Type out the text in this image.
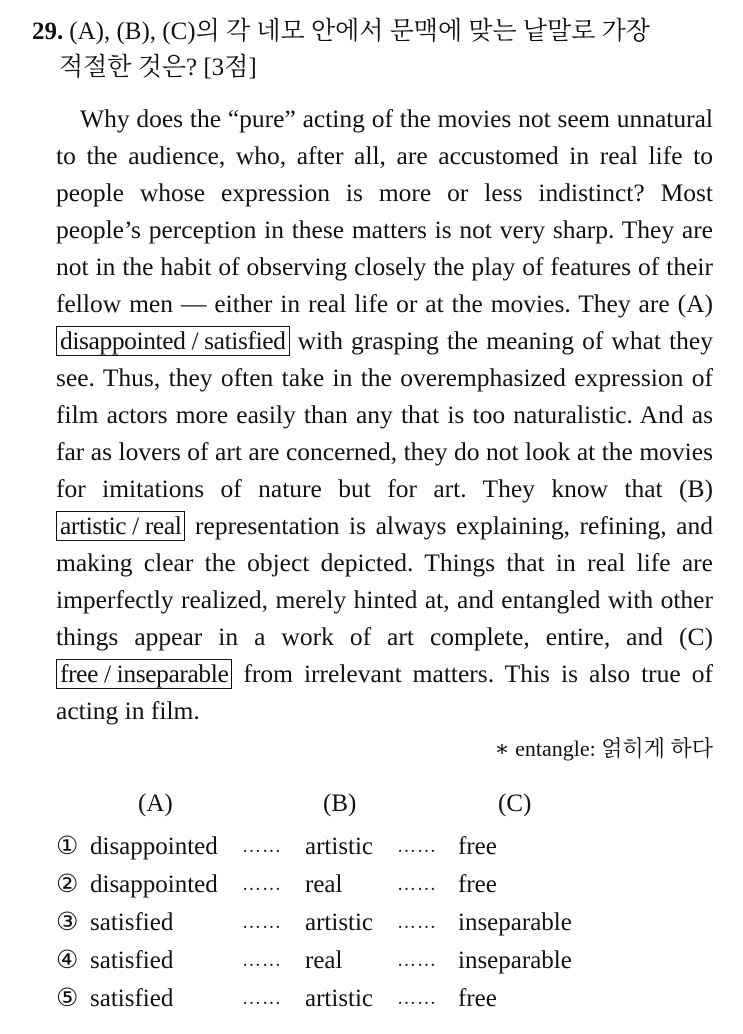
29. (A), (B), (C)의 각 네모 안에서 문맥에 맞는 낱말로 가장
적절한 것은? [3점]

Why does the “pure” acting of the movies not seem unnatural to the audience, who, after all, are accustomed in real life to people whose expression is more or less indistinct? Most people’s perception in these matters is not very sharp. They are not in the habit of observing closely the play of features of their fellow men — either in real life or at the movies. They are (A) disappointed / satisfied with grasping the meaning of what they see. Thus, they often take in the overemphasized expression of film actors more easily than any that is too naturalistic. And as far as lovers of art are concerned, they do not look at the movies for imitations of nature but for art. They know that (B) artistic / real representation is always explaining, refining, and making clear the object depicted. Things that in real life are imperfectly realized, merely hinted at, and entangled with other things appear in a work of art complete, entire, and (C) free / inseparable from irrelevant matters. This is also true of acting in film.

∗ entangle: 얽히게 하다
(A)	(B)	(C)
① disappointed …… artistic …… free
② disappointed …… real	…… free
③ satisfied	…… artistic …… inseparable
④ satisfied	…… real	…… inseparable
⑤ satisfied	…… artistic …… free
